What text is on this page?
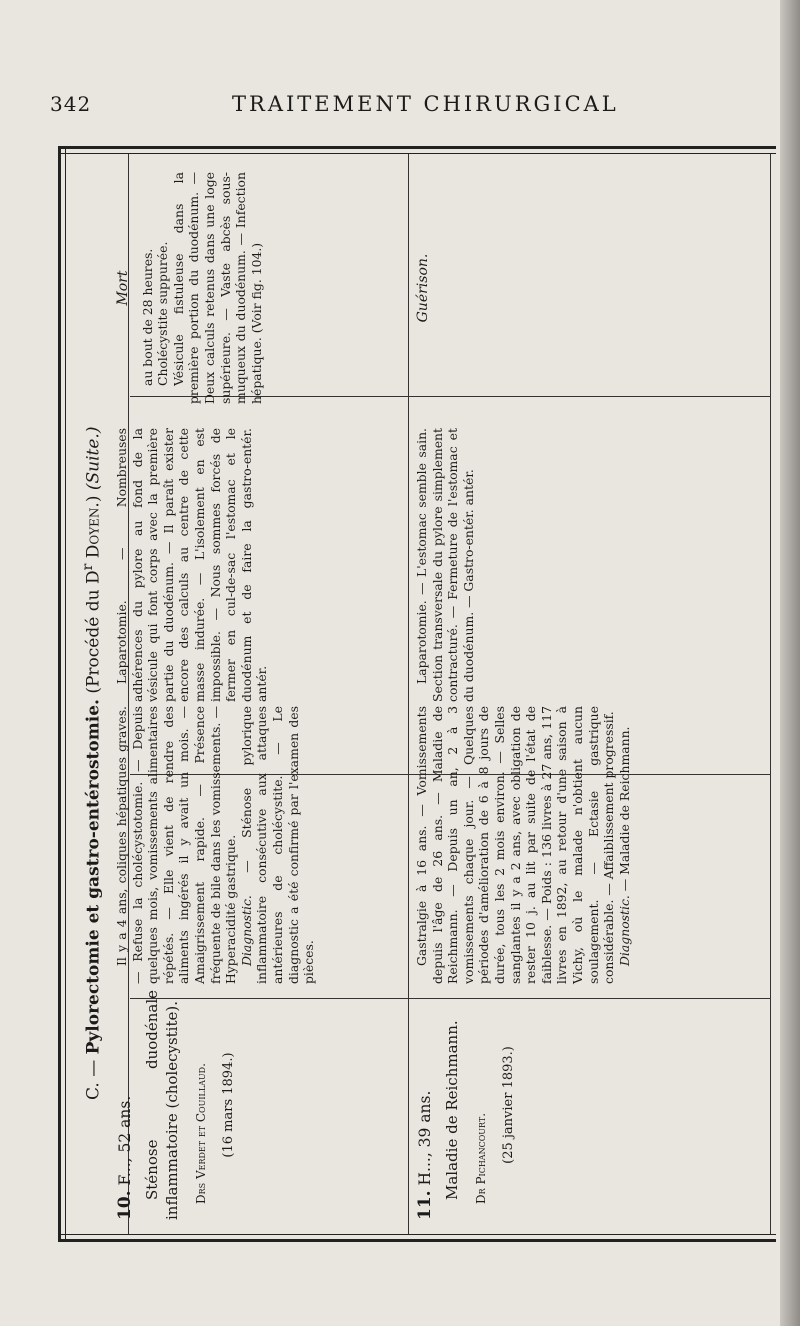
342	TRAITEMENT CHIRURGICAL
C. — Pylorectomie et gastro-entérostomie. (Procédé du $D^r$ Doyen.) (Suite.)

10. F..., 52 ans. Sténose duodénale inflammatoire (cholecystite). Drs Verdet et Couillaud. (16 mars 1894.)

Il y a 4 ans, coliques hépatiques graves. — Refuse la cholécystotomie. — Depuis quelques mois, vomissements alimentaires répétés. — Elle vient de rendre des aliments ingérés il y avait un mois. — Amaigrissement rapide. — Présence fréquente de bile dans les vomissements. — Hyperacidité gastrique. Diagnostic. — Sténose pylorique inflammatoire consécutive aux attaques antérieures de cholécystite. — Le diagnostic a été confirmé par l'examen des pièces.

Laparotomie. — Nombreuses adhérences du pylore au fond de la vésicule qui font corps avec la première partie du duodénum. — Il paraît exister encore des calculs au centre de cette masse indurée. — L'isolement en est impossible. — Nous sommes forcés de fermer en cul-de-sac l'estomac et le duodénum et de faire la gastro-entér. antér.

Mort au bout de 28 heures. Cholécystite suppurée. Vésicule fistuleuse dans la première portion du duodénum. — Deux calculs retenus dans une loge supérieure. — Vaste abcès sous-muqueux du duodénum. — Infection hépatique. (Voir fig. 104.)

11. H..., 39 ans. Maladie de Reichmann. Dr Pichancourt. (25 janvier 1893.)

Gastralgie à 16 ans. — Vomissements depuis l'âge de 26 ans. — Maladie de Reichmann. — Depuis un an, 2 à 3 vomissements chaque jour. — Quelques périodes d'amélioration de 6 à 8 jours de durée, tous les 2 mois environ. — Selles sanglantes il y a 2 ans, avec obligation de rester 10 j. au lit par suite de l'état de faiblesse. — Poids : 136 livres à 27 ans, 117 livres en 1892, au retour d'une saison à Vichy, où le malade n'obtient aucun soulagement. — Ectasie gastrique considérable. — Affaiblissement progressif. Diagnostic. — Maladie de Reichmann.

Laparotomie. — L'estomac semble sain. Section transversale du pylore simplement contracturé. — Fermeture de l'estomac et du duodénum. — Gastro-entér. antér.

Guérison.
